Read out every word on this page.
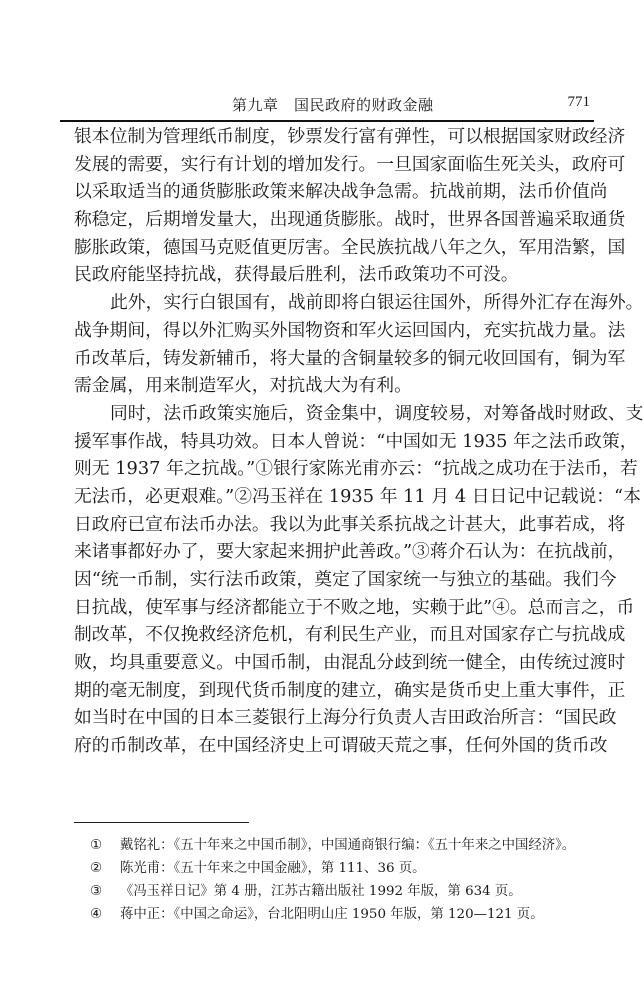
第九章　国民政府的财政金融	771
银本位制为管理纸币制度，钞票发行富有弹性，可以根据国家财政经济
发展的需要，实行有计划的增加发行。一旦国家面临生死关头，政府可
以采取适当的通货膨胀政策来解决战争急需。抗战前期，法币价值尚
称稳定，后期增发量大，出现通货膨胀。战时，世界各国普遍采取通货
膨胀政策，德国马克贬值更厉害。全民族抗战八年之久，军用浩繁，国
民政府能坚持抗战，获得最后胜利，法币政策功不可没。
此外，实行白银国有，战前即将白银运往国外，所得外汇存在海外。
战争期间，得以外汇购买外国物资和军火运回国内，充实抗战力量。法
币改革后，铸发新辅币，将大量的含铜量较多的铜元收回国有，铜为军
需金属，用来制造军火，对抗战大为有利。
同时，法币政策实施后，资金集中，调度较易，对筹备战时财政、支
援军事作战，特具功效。日本人曾说：“中国如无 1935 年之法币政策，
则无 1937 年之抗战。”①银行家陈光甫亦云：“抗战之成功在于法币，若
无法币，必更艰难。”②冯玉祥在 1935 年 11 月 4 日日记中记载说：“本
日政府已宣布法币办法。我以为此事关系抗战之计甚大，此事若成，将
来诸事都好办了，要大家起来拥护此善政。”③蒋介石认为：在抗战前，
因“统一币制，实行法币政策，奠定了国家统一与独立的基础。我们今
日抗战，使军事与经济都能立于不败之地，实赖于此”④。总而言之，币
制改革，不仅挽救经济危机，有利民生产业，而且对国家存亡与抗战成
败，均具重要意义。中国币制，由混乱分歧到统一健全，由传统过渡时
期的毫无制度，到现代货币制度的建立，确实是货币史上重大事件，正
如当时在中国的日本三菱银行上海分行负责人吉田政治所言：“国民政
府的币制改革，在中国经济史上可谓破天荒之事，任何外国的货币改
① 戴铭礼：《五十年来之中国币制》，中国通商银行编：《五十年来之中国经济》。
② 陈光甫：《五十年来之中国金融》，第 111、36 页。
③ 《冯玉祥日记》第 4 册，江苏古籍出版社 1992 年版，第 634 页。
④ 蒋中正：《中国之命运》，台北阳明山庄 1950 年版，第 120—121 页。
